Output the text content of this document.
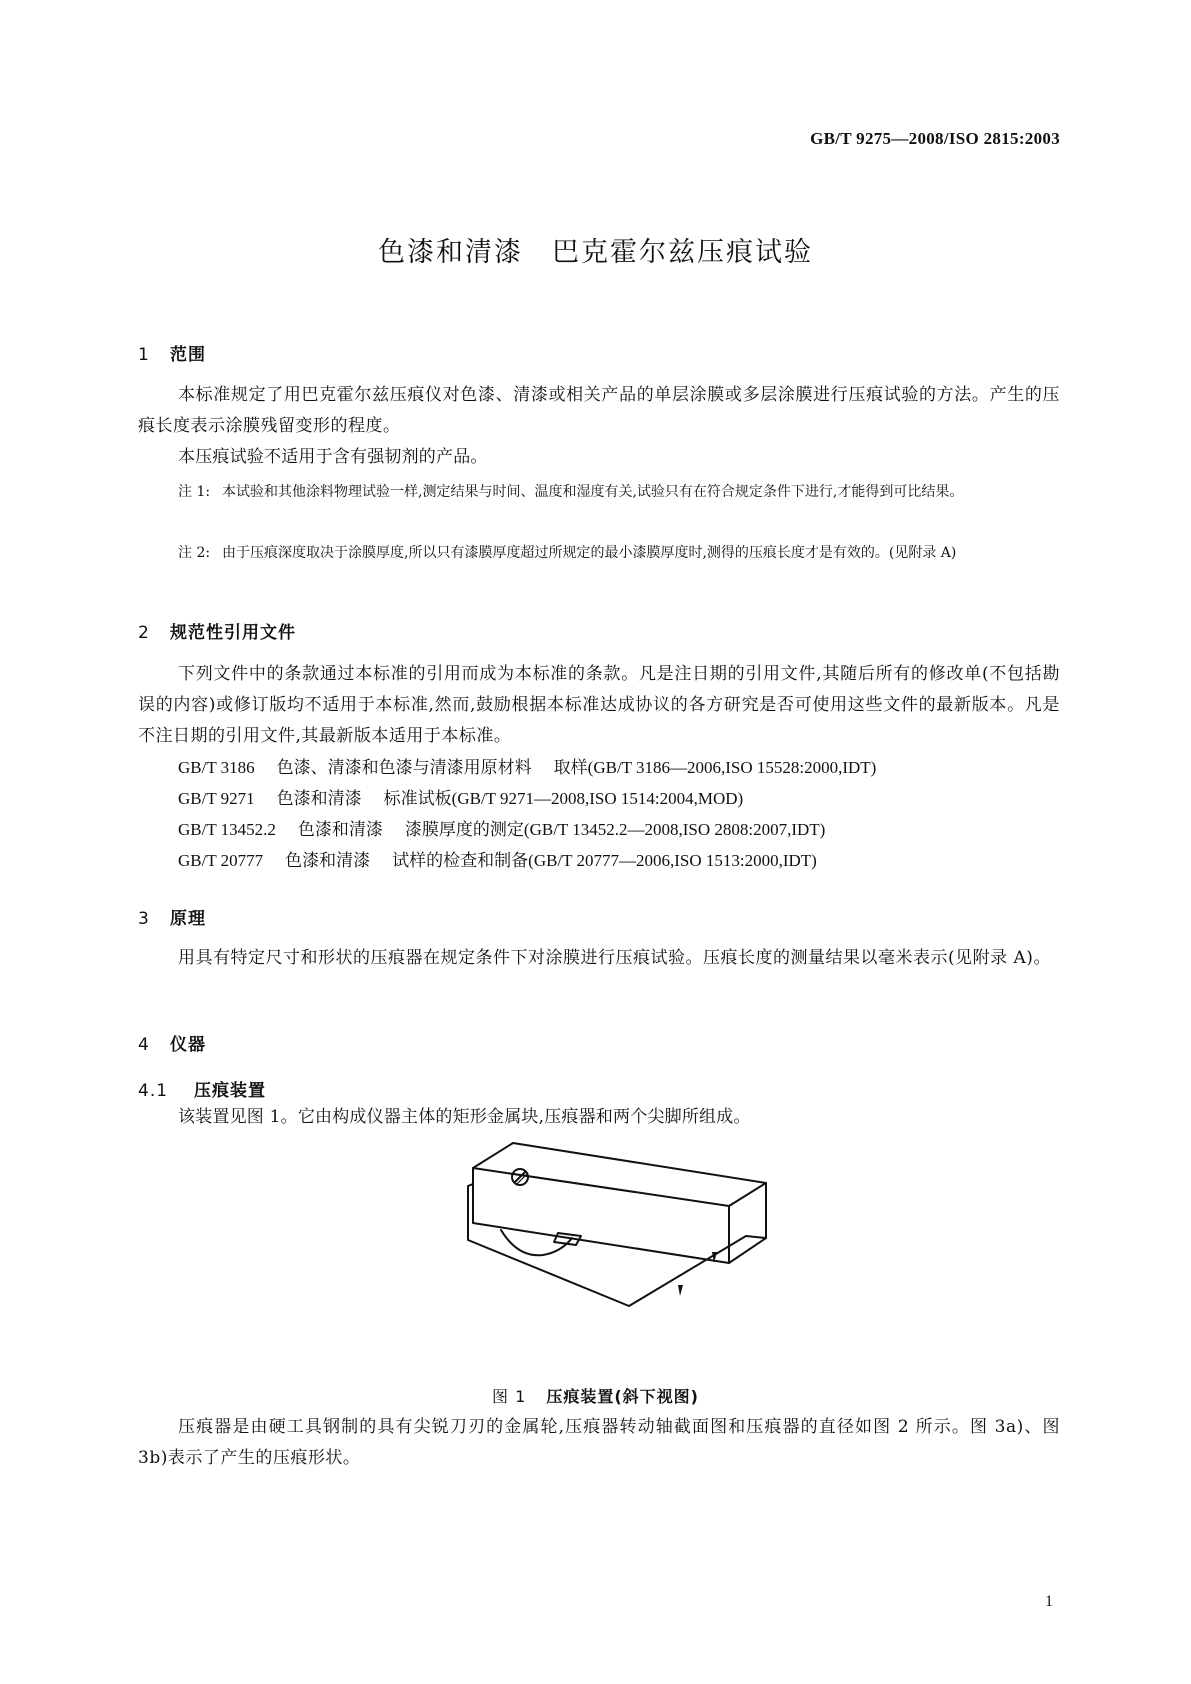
GB/T 9275—2008/ISO 2815:2003
色漆和清漆　巴克霍尔兹压痕试验
1 范围
本标准规定了用巴克霍尔兹压痕仪对色漆、清漆或相关产品的单层涂膜或多层涂膜进行压痕试验的方法。产生的压痕长度表示涂膜残留变形的程度。
本压痕试验不适用于含有强韧剂的产品。
注 1: 本试验和其他涂料物理试验一样,测定结果与时间、温度和湿度有关,试验只有在符合规定条件下进行,才能得到可比结果。
注 2: 由于压痕深度取决于涂膜厚度,所以只有漆膜厚度超过所规定的最小漆膜厚度时,测得的压痕长度才是有效的。(见附录 A)
2 规范性引用文件
下列文件中的条款通过本标准的引用而成为本标准的条款。凡是注日期的引用文件,其随后所有的修改单(不包括勘误的内容)或修订版均不适用于本标准,然而,鼓励根据本标准达成协议的各方研究是否可使用这些文件的最新版本。凡是不注日期的引用文件,其最新版本适用于本标准。
GB/T 3186 色漆、清漆和色漆与清漆用原材料 取样(GB/T 3186—2006,ISO 15528:2000,IDT)
GB/T 9271 色漆和清漆 标准试板(GB/T 9271—2008,ISO 1514:2004,MOD)
GB/T 13452.2 色漆和清漆 漆膜厚度的测定(GB/T 13452.2—2008,ISO 2808:2007,IDT)
GB/T 20777 色漆和清漆 试样的检查和制备(GB/T 20777—2006,ISO 1513:2000,IDT)
3 原理
用具有特定尺寸和形状的压痕器在规定条件下对涂膜进行压痕试验。压痕长度的测量结果以毫米表示(见附录 A)。
4 仪器
4.1 压痕装置
该装置见图 1。它由构成仪器主体的矩形金属块,压痕器和两个尖脚所组成。
图 1 压痕装置(斜下视图)
压痕器是由硬工具钢制的具有尖锐刀刃的金属轮,压痕器转动轴截面图和压痕器的直径如图 2 所示。图 3a)、图 3b)表示了产生的压痕形状。
1
